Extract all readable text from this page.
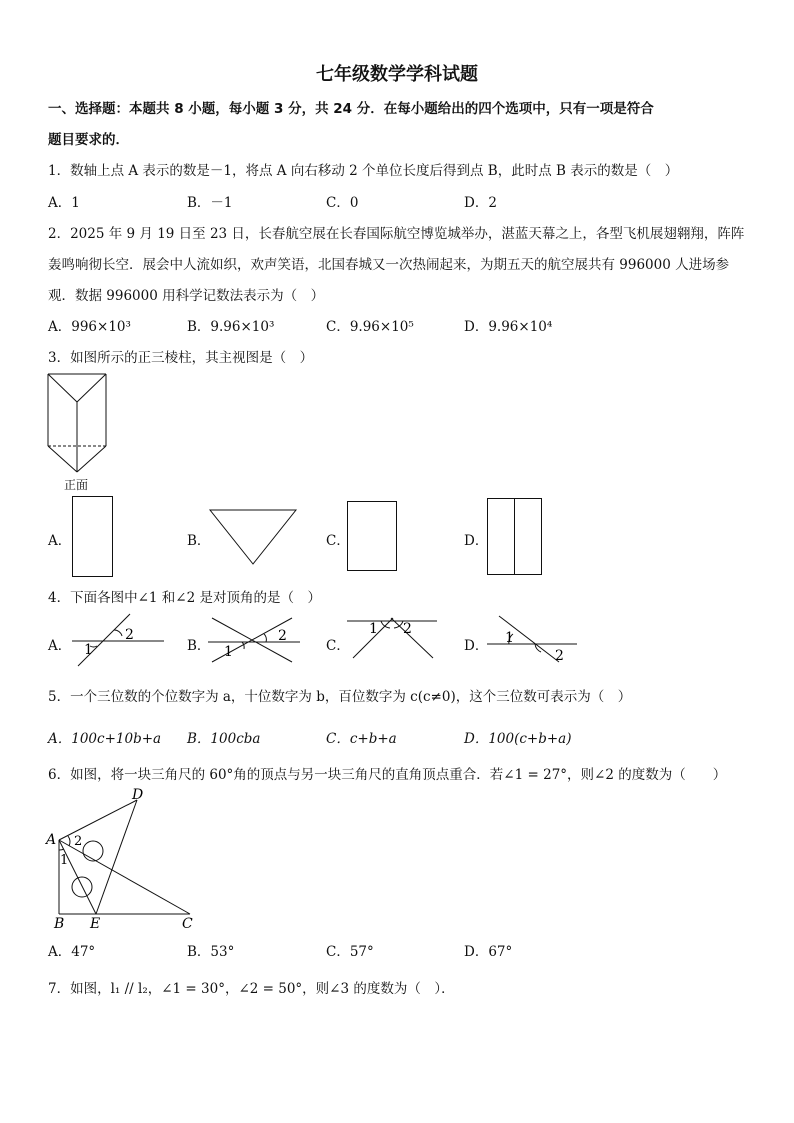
七年级数学学科试题
一、选择题：本题共 8 小题，每小题 3 分，共 24 分．在每小题给出的四个选项中，只有一项是符合
题目要求的．
1．数轴上点 A 表示的数是－1，将点 A 向右移动 2 个单位长度后得到点 B，此时点 B 表示的数是（　）
A．1	B．－1	C．0	D．2
2．2025 年 9 月 19 日至 23 日，长春航空展在长春国际航空博览城举办，湛蓝天幕之上，各型飞机展翅翱翔，阵阵
轰鸣响彻长空．展会中人流如织，欢声笑语，北国春城又一次热闹起来，为期五天的航空展共有 996000 人进场参
观．数据 996000 用科学记数法表示为（　）
A．996×10³	B．9.96×10³	C．9.96×10⁵	D．9.96×10⁴
3．如图所示的正三棱柱，其主视图是（　）
正面
A．	B．	C．	D．
4．下面各图中∠1 和∠2 是对顶角的是（　）
A．
2
1	B．
2
1	C．
1 2
D． 1
2
5．一个三位数的个位数字为 a，十位数字为 b，百位数字为 c(c≠0)，这个三位数可表示为（　）
A．100c+10b+a B．100cba	C．c+b+a	D．100(c+b+a)
6．如图，将一块三角尺的 60°角的顶点与另一块三角尺的直角顶点重合．若∠1 = 27°，则∠2 的度数为（　　）
D
A
B E	C
2
1
A．47°	B．53°	C．57°	D．67°
7．如图，l₁ // l₂，∠1 = 30°，∠2 = 50°，则∠3 的度数为（　）．
